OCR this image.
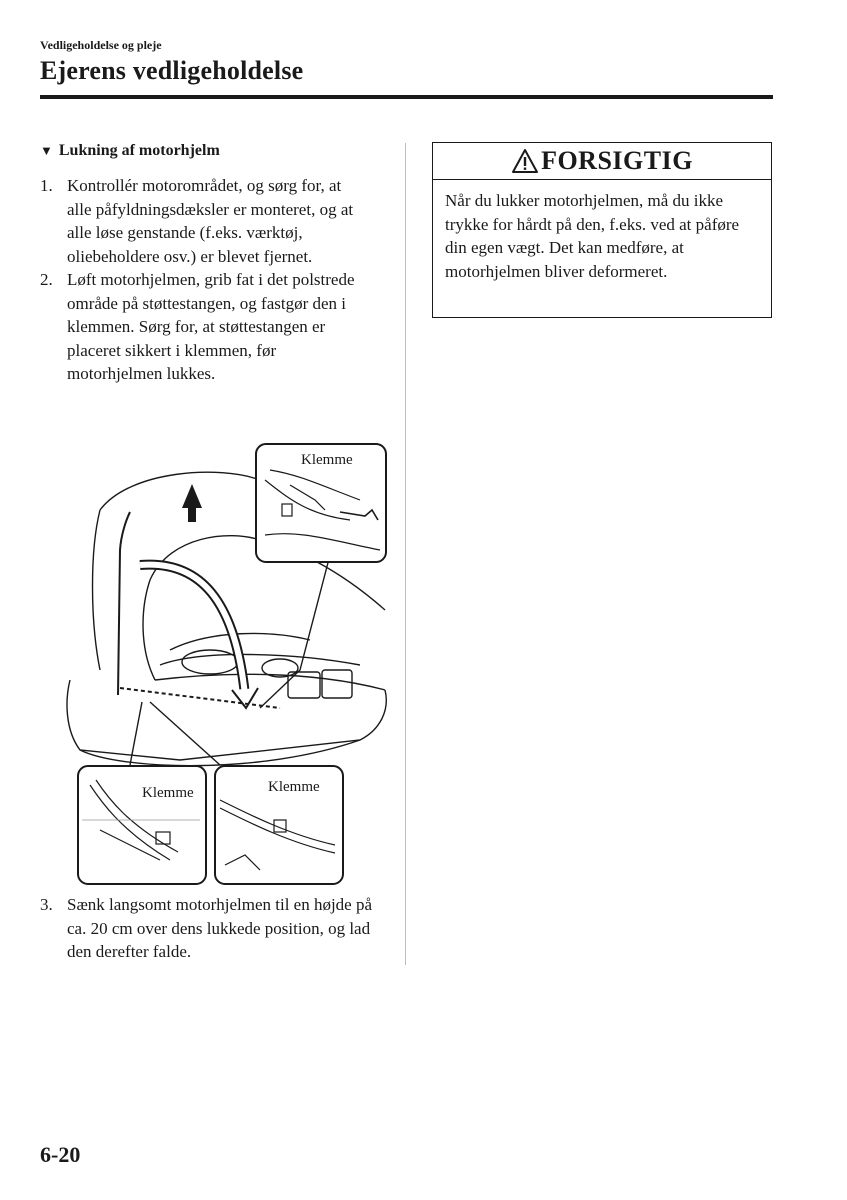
Vedligeholdelse og pleje
Ejerens vedligeholdelse
▼ Lukning af motorhjelm
1. Kontrollér motorområdet, og sørg for, at alle påfyldningsdæksler er monteret, og at alle løse genstande (f.eks. værktøj, oliebeholdere osv.) er blevet fjernet.
2. Løft motorhjelmen, grib fat i det polstrede område på støttestangen, og fastgør den i klemmen. Sørg for, at støttestangen er placeret sikkert i klemmen, før motorhjelmen lukkes.
Klemme
Klemme	Klemme
3. Sænk langsomt motorhjelmen til en højde på ca. 20 cm over dens lukkede position, og lad den derefter falde.
FORSIGTIG
Når du lukker motorhjelmen, må du ikke trykke for hårdt på den, f.eks. ved at påføre din egen vægt. Det kan medføre, at motorhjelmen bliver deformeret.
6-20
